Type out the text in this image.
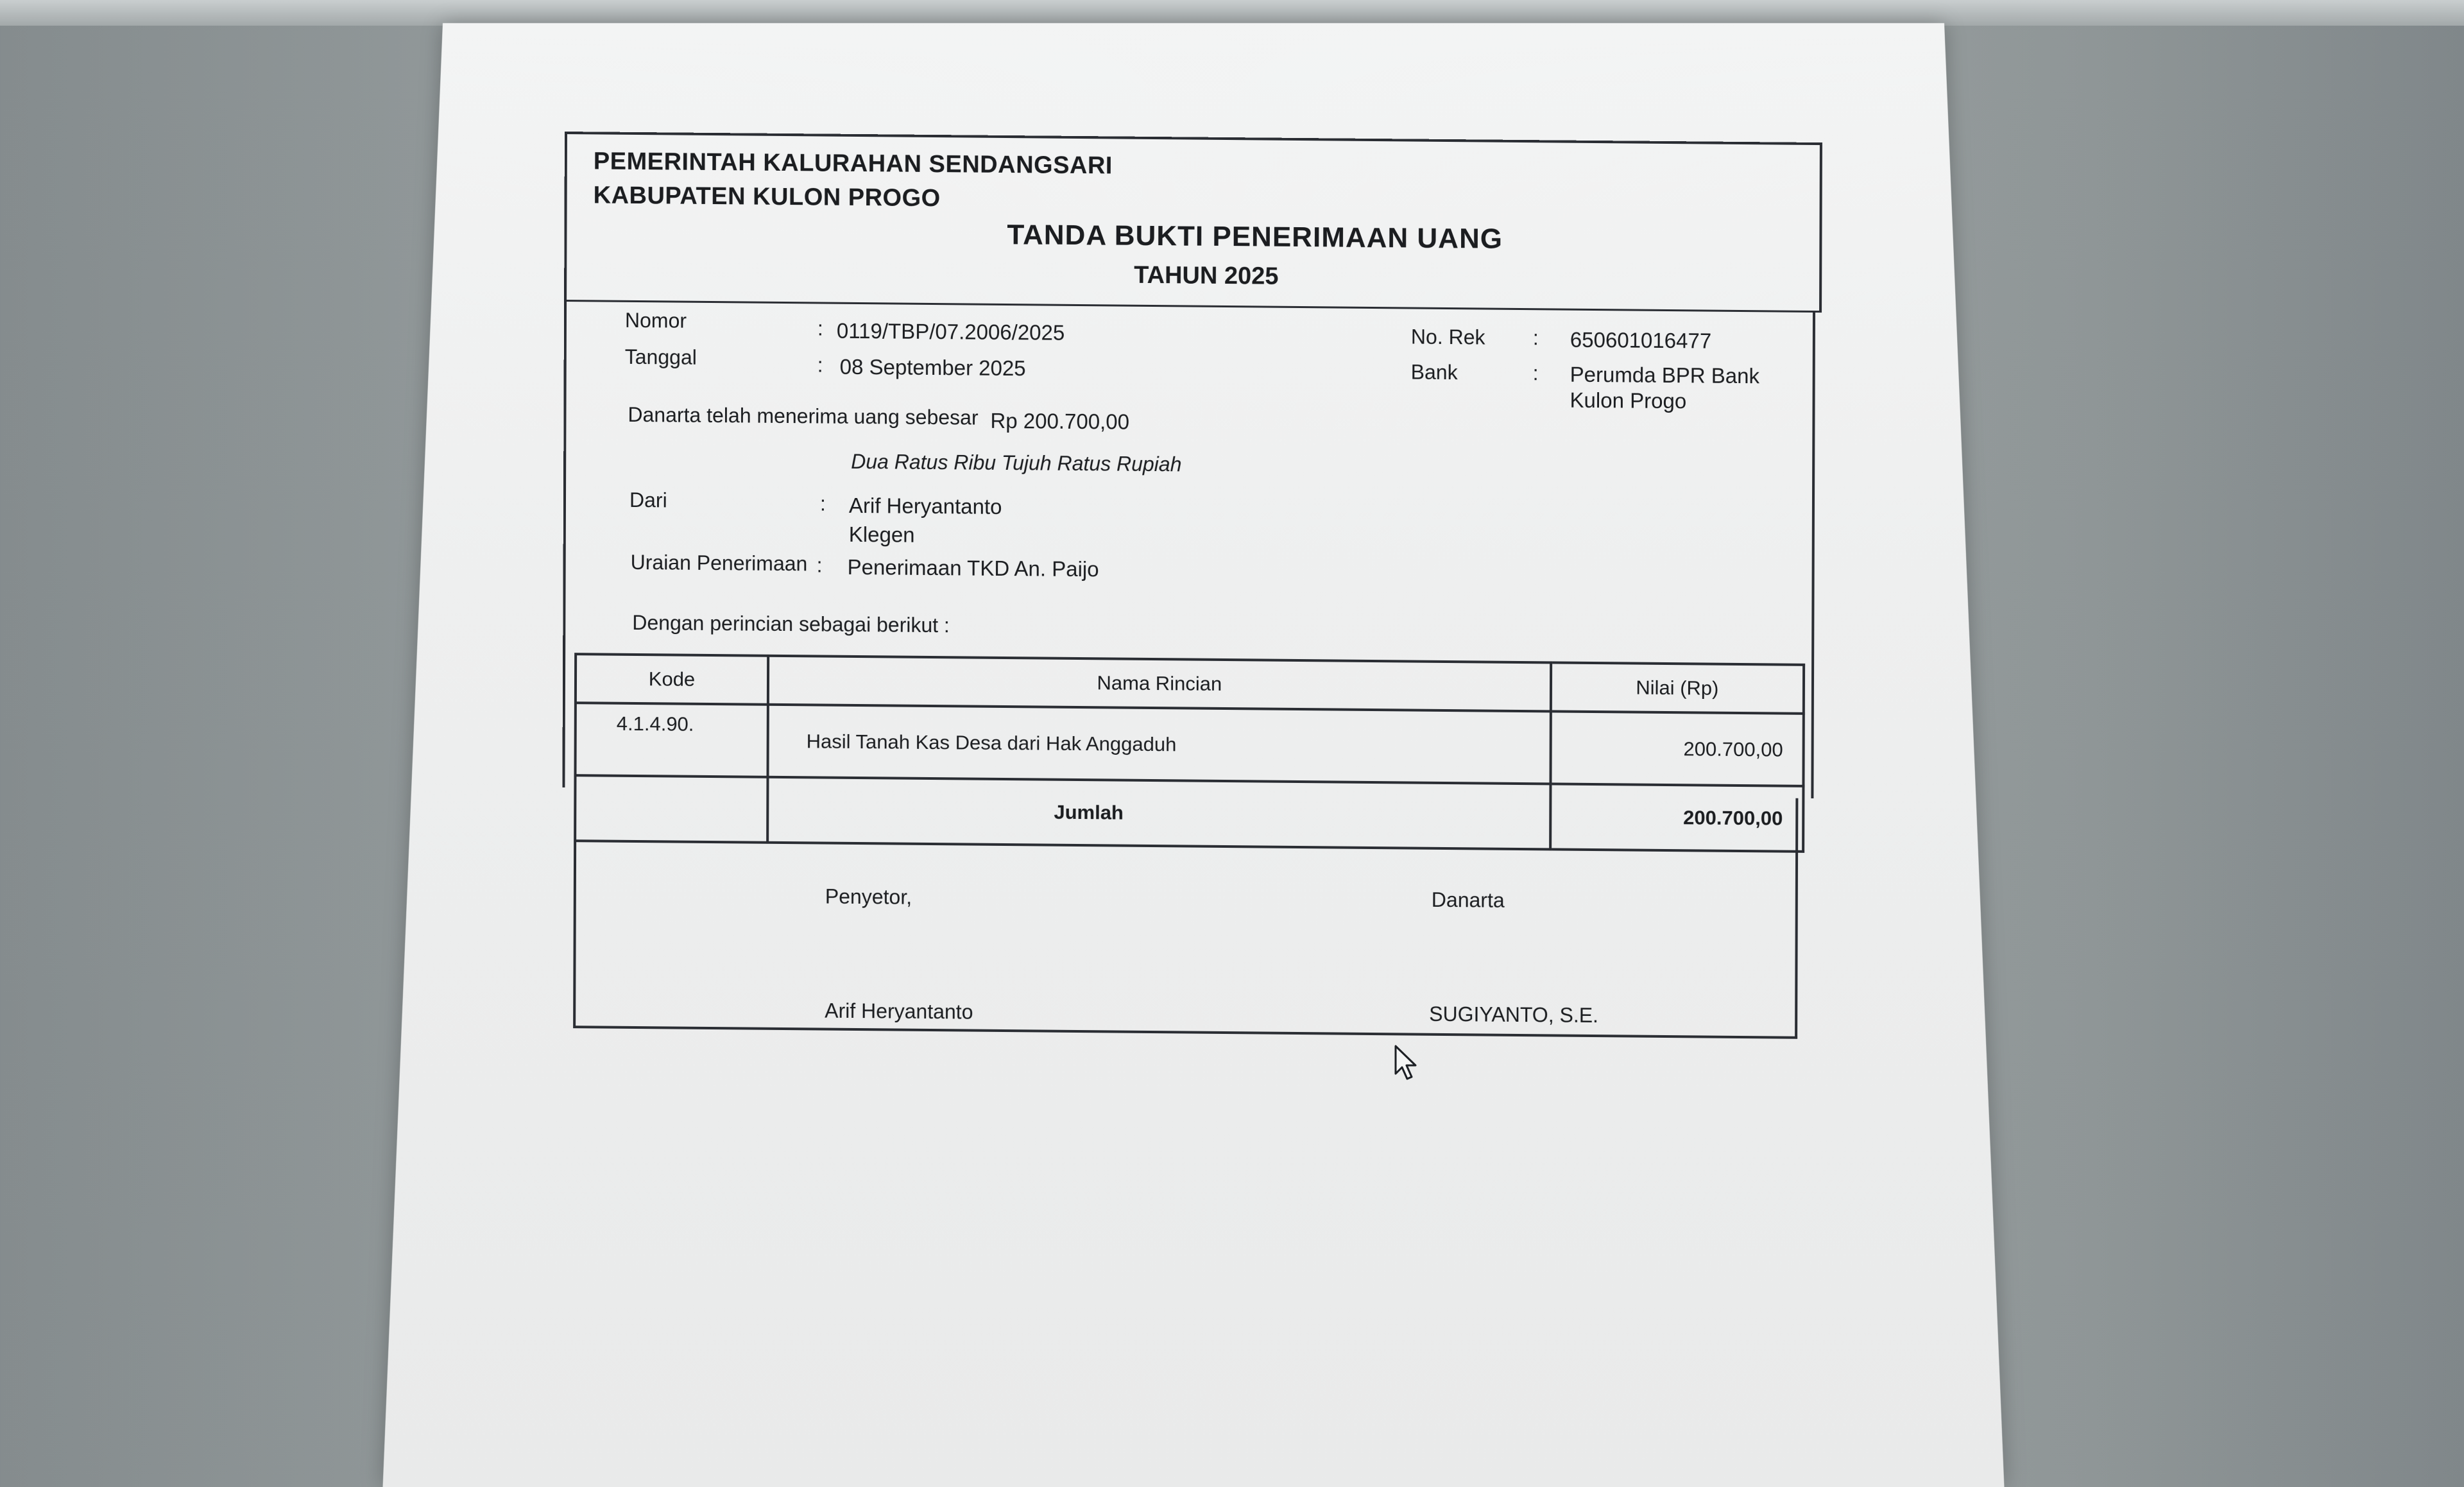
PEMERINTAH KALURAHAN SENDANGSARI
KABUPATEN KULON PROGO
TANDA BUKTI PENERIMAAN UANG
TAHUN 2025
Nomor	: 0119/TBP/07.2006/2025
Tanggal	: 08 September 2025
No. Rek : 650601016477
Bank	: Perumda BPR Bank
Kulon Progo
Danarta telah menerima uang sebesar Rp 200.700,00
Dua Ratus Ribu Tujuh Ratus Rupiah
Dari	: Arif Heryantanto
Klegen
Uraian Penerimaan : Penerimaan TKD An. Paijo
Dengan perincian sebagai berikut :
Kode	Nama Rincian	Nilai (Rp)
4.1.4.90.	Hasil Tanah Kas Desa dari Hak Anggaduh	200.700,00
	Jumlah	200.700,00
Penyetor,	Danarta
Arif Heryantanto	SUGIYANTO, S.E.
